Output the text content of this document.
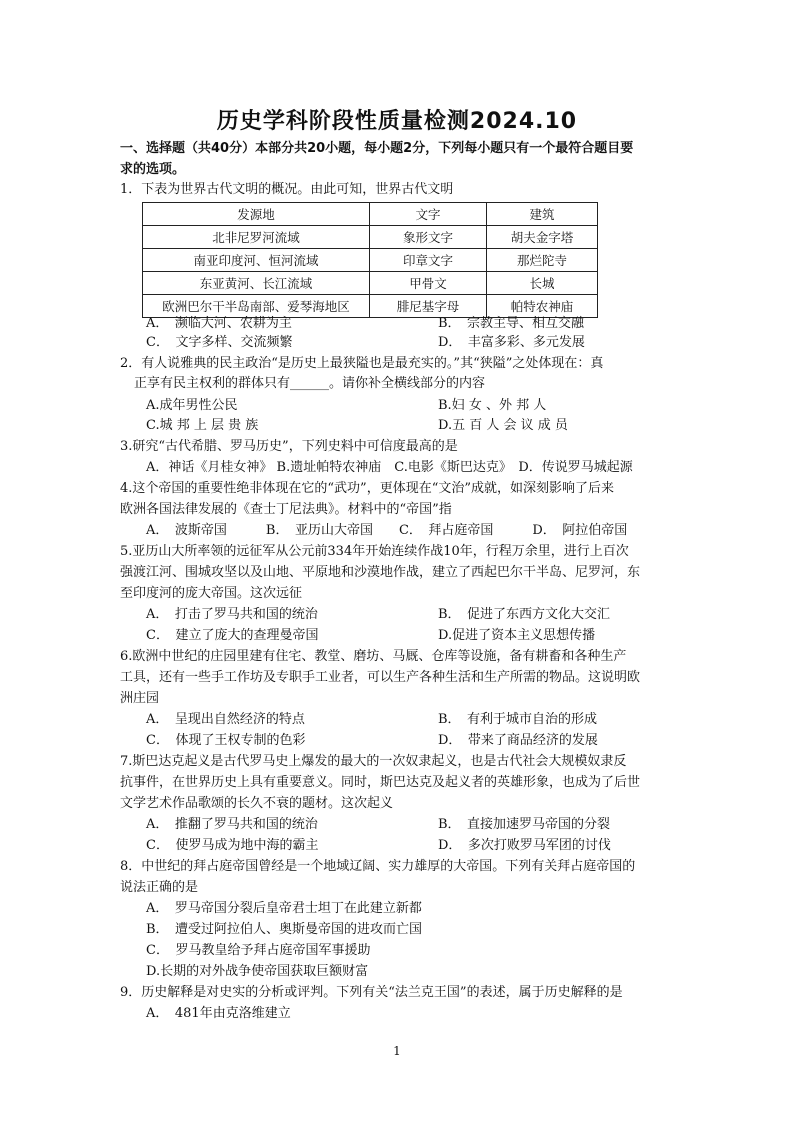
历史学科阶段性质量检测2024.10
一、选择题（共40分）本部分共20小题，每小题2分，下列每小题只有一个最符合题目要
求的选项。
1．下表为世界古代文明的概况。由此可知，世界古代文明
发源地	文字	建筑
北非尼罗河流域	象形文字	胡夫金字塔
南亚印度河、恒河流域	印章文字	那烂陀寺
东亚黄河、长江流域	甲骨文	长城
欧洲巴尔干半岛南部、爱琴海地区	腓尼基字母	帕特农神庙
A．　濒临大河、农耕为主	B．　宗教主导、相互交融
C．　文字多样、交流频繁	D．　丰富多彩、多元发展
2．有人说雅典的民主政治“是历史上最狭隘也是最充实的。”其“狭隘”之处体现在：真
正享有民主权利的群体只有______。请你补全横线部分的内容
A.成年男性公民	B.妇 女 、外 邦 人
C.城 邦 上 层 贵 族	D.五 百 人 会 议 成 员
3.研究“古代希腊、罗马历史”，下列史料中可信度最高的是
A．神话《月桂女神》 B.遗址帕特农神庙　C.电影《斯巴达克》　D．传说罗马城起源
4.这个帝国的重要性绝非体现在它的“武功”，更体现在“文治”成就，如深刻影响了后来
欧洲各国法律发展的《查士丁尼法典》。材料中的“帝国”指
A．　波斯帝国　　　B．　亚历山大帝国　　C．　拜占庭帝国　　　D．　阿拉伯帝国
5.亚历山大所率领的远征军从公元前334年开始连续作战10年，行程万余里，进行上百次
强渡江河、围城攻坚以及山地、平原地和沙漠地作战，建立了西起巴尔干半岛、尼罗河，东
至印度河的庞大帝国。这次远征
A．　打击了罗马共和国的统治	B．　促进了东西方文化大交汇
C．　建立了庞大的查理曼帝国	D.促进了资本主义思想传播
6.欧洲中世纪的庄园里建有住宅、教堂、磨坊、马厩、仓库等设施，备有耕畜和各种生产
工具，还有一些手工作坊及专职手工业者，可以生产各种生活和生产所需的物品。这说明欧
洲庄园
A．　呈现出自然经济的特点	B．　有利于城市自治的形成
C．　体现了王权专制的色彩	D．　带来了商品经济的发展
7.斯巴达克起义是古代罗马史上爆发的最大的一次奴隶起义，也是古代社会大规模奴隶反
抗事件，在世界历史上具有重要意义。同时，斯巴达克及起义者的英雄形象，也成为了后世
文学艺术作品歌颂的长久不衰的题材。这次起义
A．　推翻了罗马共和国的统治	B．　直接加速罗马帝国的分裂
C．　使罗马成为地中海的霸主	D．　多次打败罗马军团的讨伐
8．中世纪的拜占庭帝国曾经是一个地域辽阔、实力雄厚的大帝国。下列有关拜占庭帝国的
说法正确的是
A．　罗马帝国分裂后皇帝君士坦丁在此建立新都
B．　遭受过阿拉伯人、奥斯曼帝国的进攻而亡国
C．　罗马教皇给予拜占庭帝国军事援助
D.长期的对外战争使帝国获取巨额财富
9．历史解释是对史实的分析或评判。下列有关“法兰克王国”的表述，属于历史解释的是
A．　481年由克洛维建立
1
